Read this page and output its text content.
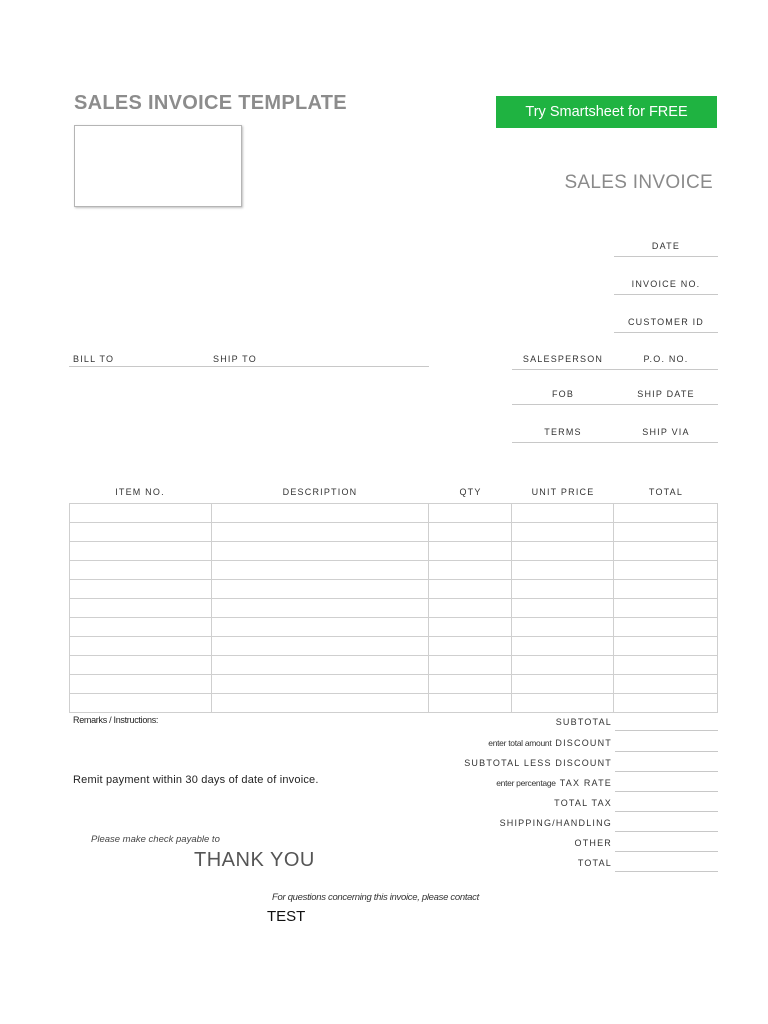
SALES INVOICE TEMPLATE	Try Smartsheet for FREE
SALES INVOICE
DATE
INVOICE NO.
CUSTOMER ID
BILL TO	SHIP TO	SALESPERSON	P.O. NO.
FOB	SHIP DATE
TERMS	SHIP VIA
ITEM NO.	DESCRIPTION	QTY	UNIT PRICE	TOTAL

Remarks / Instructions:
Remit payment within 30 days of date of invoice.
Please make check payable to
THANK YOU
For questions concerning this invoice, please contact
TEST
SUBTOTAL
enter total amount DISCOUNT
SUBTOTAL LESS DISCOUNT
enter percentage TAX RATE
TOTAL TAX
SHIPPING/HANDLING
OTHER
TOTAL
